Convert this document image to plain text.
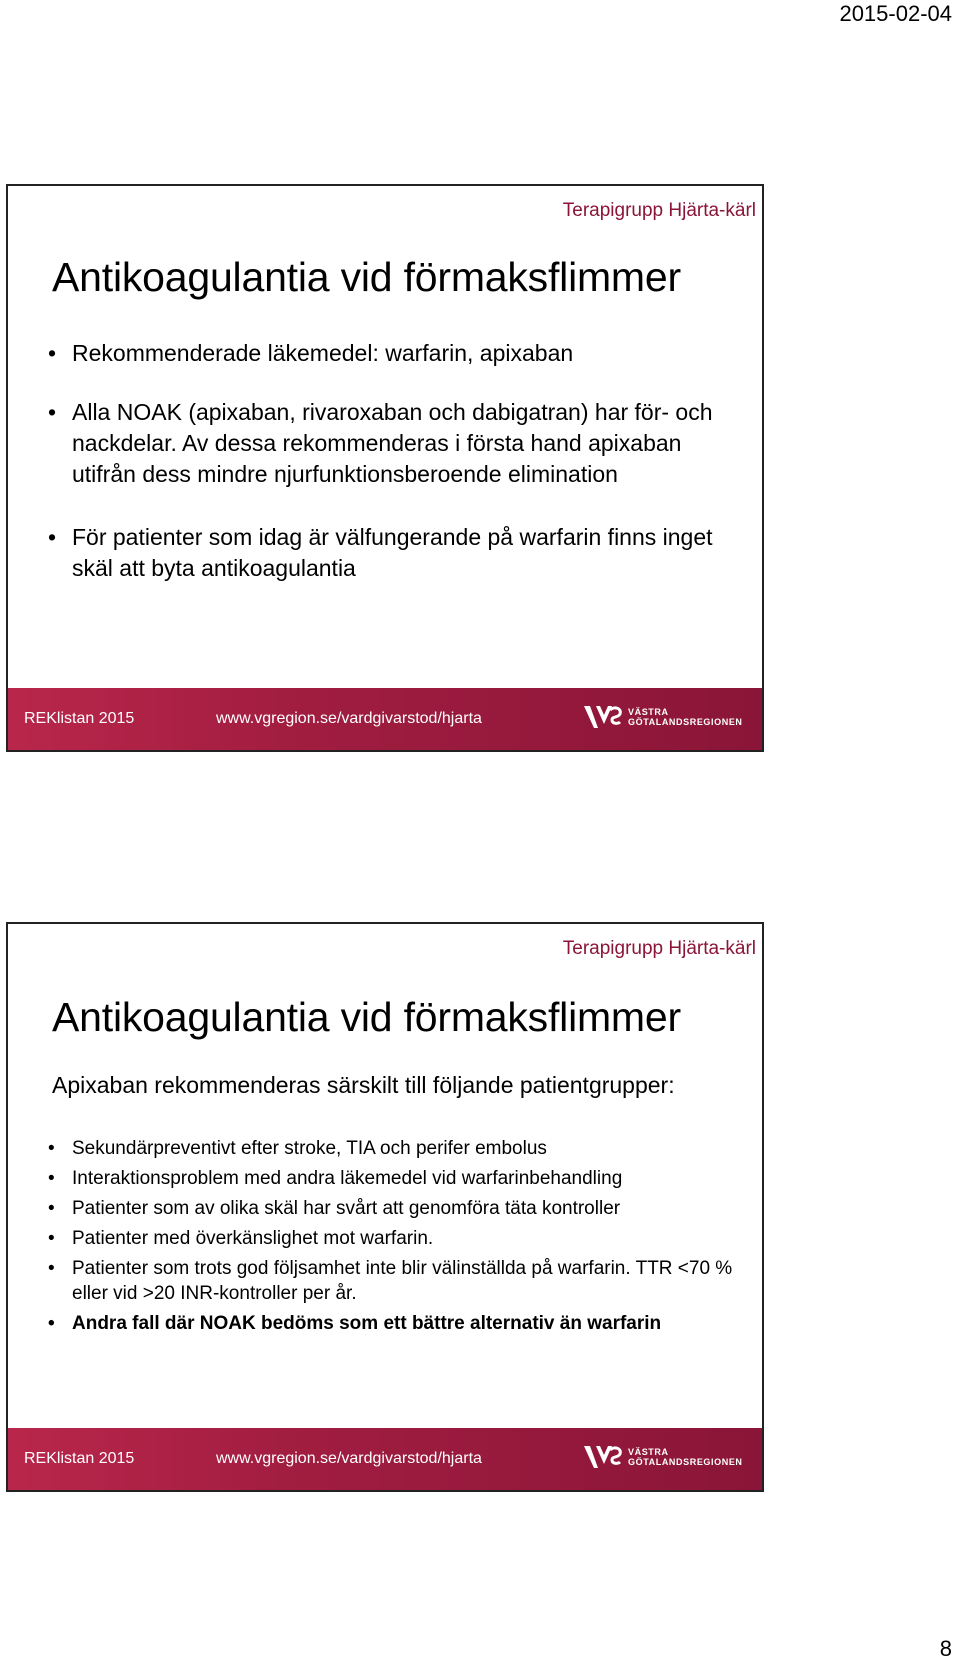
2015-02-04
Terapigrupp Hjärta-kärl
Antikoagulantia vid förmaksflimmer
• Rekommenderade läkemedel: warfarin, apixaban
• Alla NOAK (apixaban, rivaroxaban och dabigatran) har för- och nackdelar. Av dessa rekommenderas i första hand apixaban utifrån dess mindre njurfunktionsberoende elimination
• För patienter som idag är välfungerande på warfarin finns inget skäl att byta antikoagulantia
REKlistan 2015	www.vgregion.se/vardgivarstod/hjarta	VÄSTRA
GÖTALANDSREGIONEN
Terapigrupp Hjärta-kärl
Antikoagulantia vid förmaksflimmer

Apixaban rekommenderas särskilt till följande patientgrupper:

• Sekundärpreventivt efter stroke, TIA och perifer embolus
• Interaktionsproblem med andra läkemedel vid warfarinbehandling
• Patienter som av olika skäl har svårt att genomföra täta kontroller
• Patienter med överkänslighet mot warfarin.
• Patienter som trots god följsamhet inte blir välinställda på warfarin. TTR <70 % eller vid >20 INR-kontroller per år.
• Andra fall där NOAK bedöms som ett bättre alternativ än warfarin
REKlistan 2015	www.vgregion.se/vardgivarstod/hjarta	VÄSTRA
GÖTALANDSREGIONEN
8
